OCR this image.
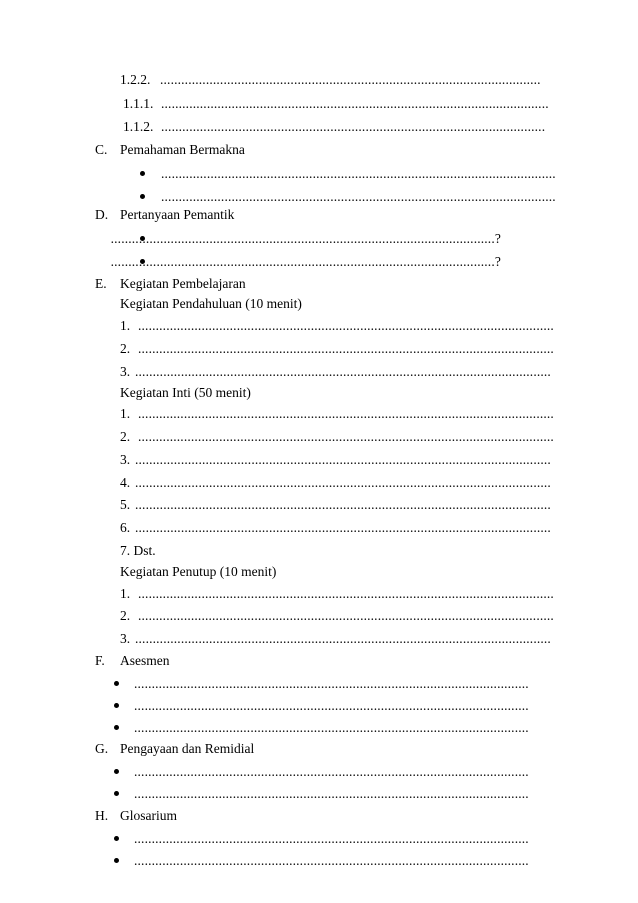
1.2.2. ............................................................................................................
1.1.1. ..............................................................................................................
1.1.2. .............................................................................................................
C. Pemahaman Bermakna
................................................................................................................
................................................................................................................
D. Pertanyaan Pemantik
.............................................................................................................?
.............................................................................................................?
E. Kegiatan Pembelajaran
Kegiatan Pendahuluan (10 menit)
1. ......................................................................................................................
2. ......................................................................................................................
3. ......................................................................................................................
Kegiatan Inti (50 menit)
1. ......................................................................................................................
2. ......................................................................................................................
3. ......................................................................................................................
4. ......................................................................................................................
5. ......................................................................................................................
6. ......................................................................................................................
7. Dst.
Kegiatan Penutup (10 menit)
1. ......................................................................................................................
2. ......................................................................................................................
3. ......................................................................................................................
F. Asesmen
................................................................................................................
................................................................................................................
................................................................................................................
G. Pengayaan dan Remidial
................................................................................................................
................................................................................................................
H. Glosarium
................................................................................................................
................................................................................................................
